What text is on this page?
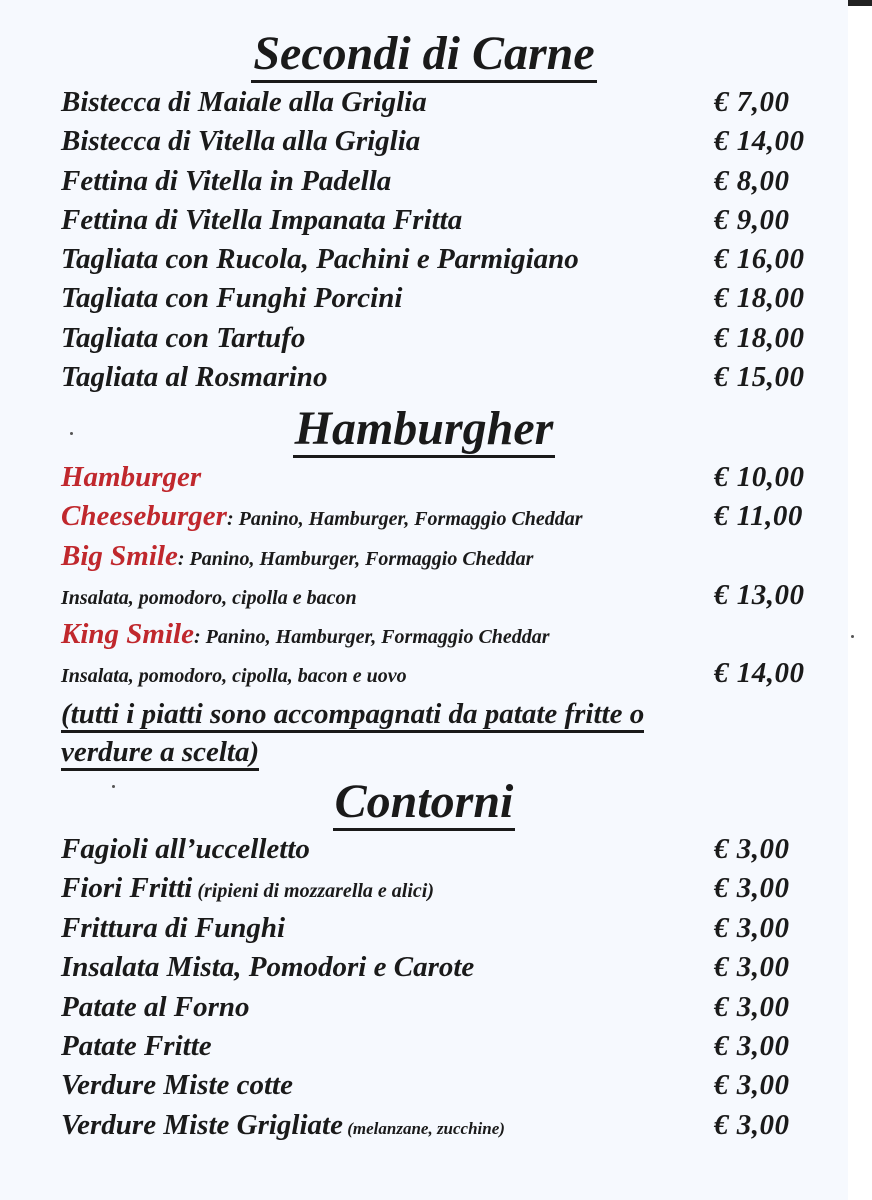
Secondi di Carne
Bistecca di Maiale alla Griglia	€ 7,00
Bistecca di Vitella alla Griglia	€ 14,00
Fettina di Vitella in Padella	€ 8,00
Fettina di Vitella Impanata Fritta	€ 9,00
Tagliata con Rucola, Pachini e Parmigiano	€ 16,00
Tagliata con Funghi Porcini	€ 18,00
Tagliata con Tartufo	€ 18,00
Tagliata al Rosmarino	€ 15,00
Hamburgher
Hamburger	€ 10,00
Cheeseburger: Panino, Hamburger, Formaggio Cheddar	€ 11,00
Big Smile: Panino, Hamburger, Formaggio Cheddar
Insalata, pomodoro, cipolla e bacon	€ 13,00
King Smile: Panino, Hamburger, Formaggio Cheddar
Insalata, pomodoro, cipolla, bacon e uovo	€ 14,00
(tutti i piatti sono accompagnati da patate fritte o
verdure a scelta)
Contorni
Fagioli all’uccelletto	€ 3,00
Fiori Fritti (ripieni di mozzarella e alici)	€ 3,00
Frittura di Funghi	€ 3,00
Insalata Mista, Pomodori e Carote	€ 3,00
Patate al Forno	€ 3,00
Patate Fritte	€ 3,00
Verdure Miste cotte	€ 3,00
Verdure Miste Grigliate (melanzane, zucchine)	€ 3,00
